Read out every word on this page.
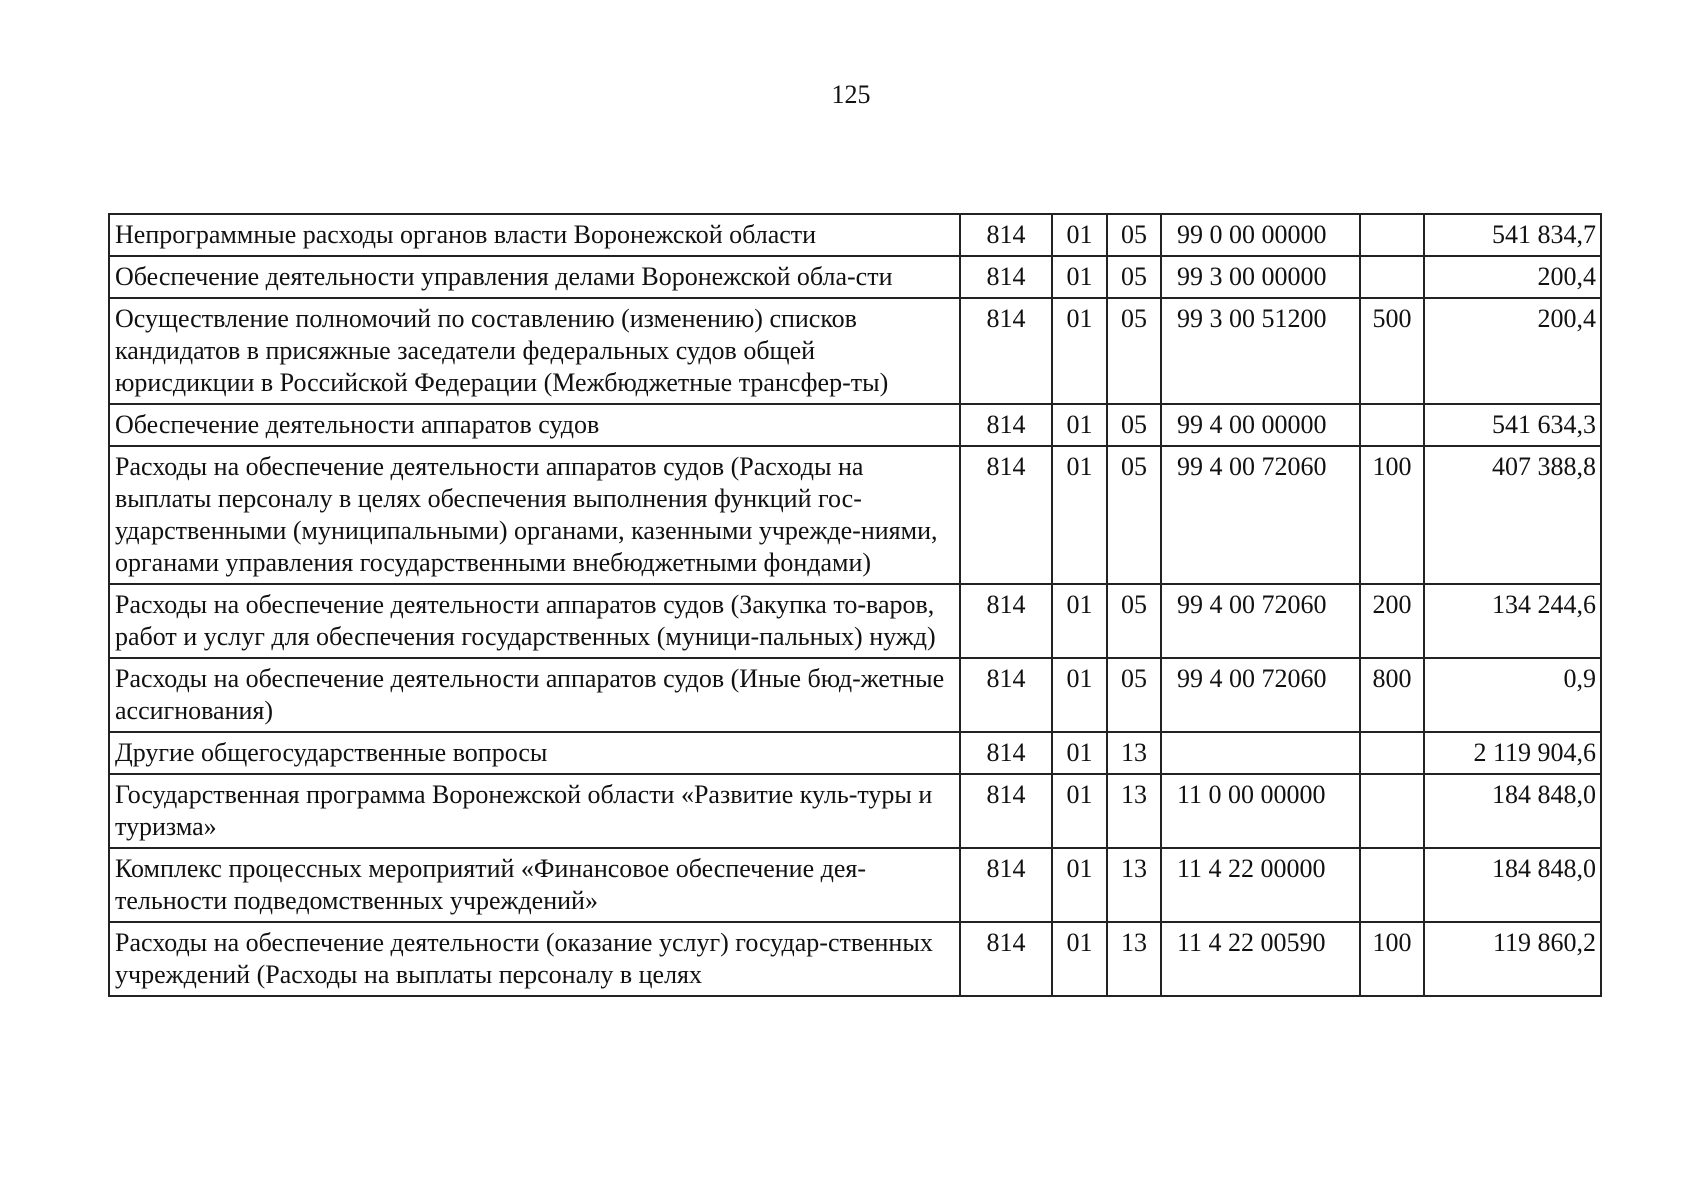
125
Непрограммные расходы органов власти Воронежской области	814	01	05	99 0 00 00000		541 834,7
Обеспечение деятельности управления делами Воронежской обла-сти	814	01	05	99 3 00 00000		200,4
Осуществление полномочий по составлению (изменению) списков кандидатов в присяжные заседатели федеральных судов общей юрисдикции в Российской Федерации (Межбюджетные трансфер-ты)	814	01	05	99 3 00 51200	500	200,4
Обеспечение деятельности аппаратов судов	814	01	05	99 4 00 00000		541 634,3
Расходы на обеспечение деятельности аппаратов судов (Расходы на выплаты персоналу в целях обеспечения выполнения функций гос-ударственными (муниципальными) органами, казенными учрежде-ниями, органами управления государственными внебюджетными фондами)	814	01	05	99 4 00 72060	100	407 388,8
Расходы на обеспечение деятельности аппаратов судов (Закупка то-варов, работ и услуг для обеспечения государственных (муници-пальных) нужд)	814	01	05	99 4 00 72060	200	134 244,6
Расходы на обеспечение деятельности аппаратов судов (Иные бюд-жетные ассигнования)	814	01	05	99 4 00 72060	800	0,9
Другие общегосударственные вопросы	814	01	13			2 119 904,6
Государственная программа Воронежской области «Развитие куль-туры и туризма»	814	01	13	11 0 00 00000		184 848,0
Комплекс процессных мероприятий «Финансовое обеспечение дея-тельности подведомственных учреждений»	814	01	13	11 4 22 00000		184 848,0
Расходы на обеспечение деятельности (оказание услуг) государ-ственных учреждений (Расходы на выплаты персоналу в целях	814	01	13	11 4 22 00590	100	119 860,2
